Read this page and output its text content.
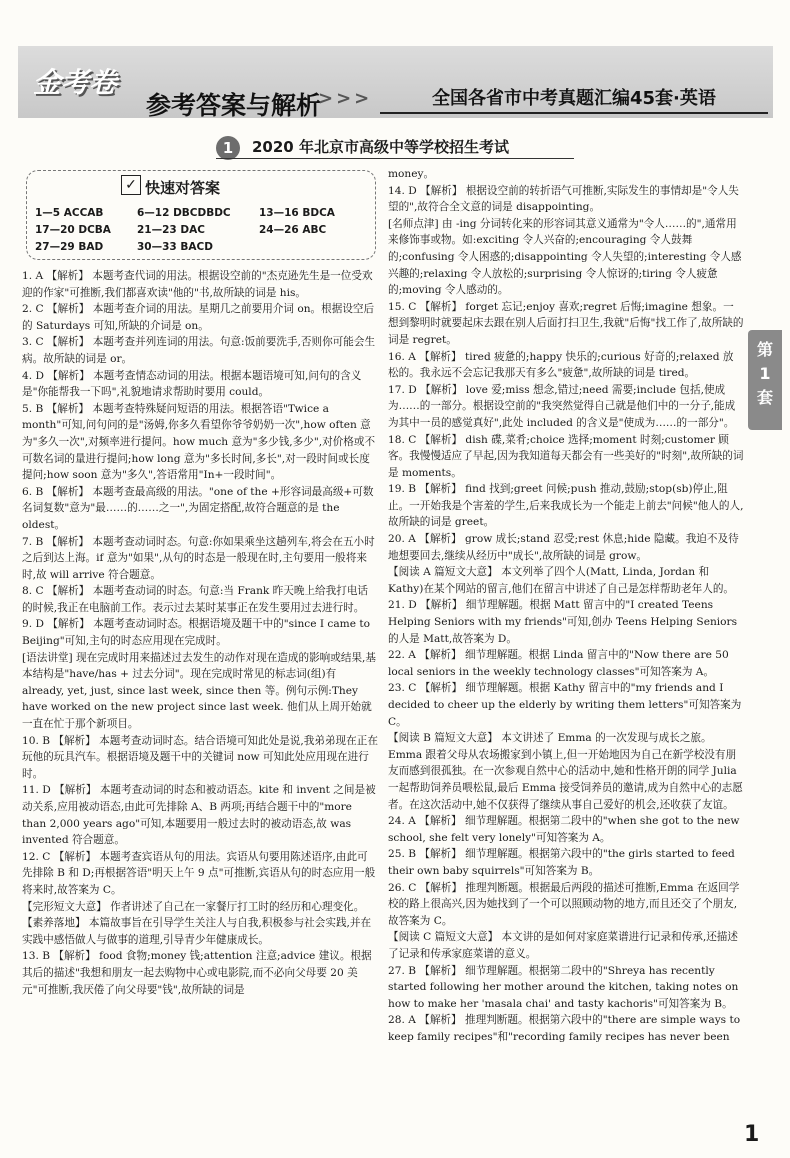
金考卷
参考答案与解析
>>>	全国各省市中考真题汇编45套·英语
1	2020 年北京市高级中等学校招生考试
✓ 快速对答案
1—5 ACCAB	6—12 DBCDBDC	13—16 BDCA
17—20 DCBA 21—23 DAC	24—26 ABC
27—29 BAD	30—33 BACD

1. A 【解析】 本题考查代词的用法。根据设空前的"杰克逊先生是一位受欢迎的作家"可推断,我们都喜欢读"他的"书,故所缺的词是 his。

2. C 【解析】 本题考查介词的用法。星期几之前要用介词 on。根据设空后的 Saturdays 可知,所缺的介词是 on。

3. C 【解析】 本题考查并列连词的用法。句意:饭前要洗手,否则你可能会生病。故所缺的词是 or。

4. D 【解析】 本题考查情态动词的用法。根据本题语境可知,问句的含义是"你能帮我一下吗",礼貌地请求帮助时要用 could。

5. B 【解析】 本题考查特殊疑问短语的用法。根据答语"Twice a month"可知,问句问的是"汤姆,你多久看望你爷爷奶奶一次",how often 意为"多久一次",对频率进行提问。how much 意为"多少钱,多少",对价格或不可数名词的量进行提问;how long 意为"多长时间,多长",对一段时间或长度提问;how soon 意为"多久",答语常用"In+一段时间"。

6. B 【解析】 本题考查最高级的用法。"one of the +形容词最高级+可数名词复数"意为"最……的……之一",为固定搭配,故符合题意的是 the oldest。

7. B 【解析】 本题考查动词时态。句意:你如果乘坐这趟列车,将会在五小时之后到达上海。if 意为"如果",从句的时态是一般现在时,主句要用一般将来时,故 will arrive 符合题意。

8. C 【解析】 本题考查动词的时态。句意:当 Frank 昨天晚上给我打电话的时候,我正在电脑前工作。表示过去某时某事正在发生要用过去进行时。

9. D 【解析】 本题考查动词时态。根据语境及题干中的"since I came to Beijing"可知,主句的时态应用现在完成时。

[语法讲堂] 现在完成时用来描述过去发生的动作对现在造成的影响或结果,基本结构是"have/has + 过去分词"。现在完成时常见的标志词(组)有 already, yet, just, since last week, since then 等。例句示例:They have worked on the new project since last week. 他们从上周开始就一直在忙于那个新项目。

10. B 【解析】 本题考查动词时态。结合语境可知此处是说,我弟弟现在正在玩他的玩具汽车。根据语境及题干中的关键词 now 可知此处应用现在进行时。

11. D 【解析】 本题考查动词的时态和被动语态。kite 和 invent 之间是被动关系,应用被动语态,由此可先排除 A、B 两项;再结合题干中的"more than 2,000 years ago"可知,本题要用一般过去时的被动语态,故 was invented 符合题意。

12. C 【解析】 本题考查宾语从句的用法。宾语从句要用陈述语序,由此可先排除 B 和 D;再根据答语"明天上午 9 点"可推断,宾语从句的时态应用一般将来时,故答案为 C。

【完形短文大意】 作者讲述了自己在一家餐厅打工时的经历和心理变化。

【素养落地】 本篇故事旨在引导学生关注人与自我,积极参与社会实践,并在实践中感悟做人与做事的道理,引导青少年健康成长。

13. B 【解析】 food 食物;money 钱;attention 注意;advice 建议。根据其后的描述"我想和朋友一起去购物中心或电影院,而不必向父母要 20 美元"可推断,我厌倦了向父母要"钱",故所缺的词是

money。

14. D 【解析】 根据设空前的转折语气可推断,实际发生的事情却是"令人失望的",故符合全文意的词是 disappointing。

[名师点津] 由 -ing 分词转化来的形容词其意义通常为"令人……的",通常用来修饰事或物。如:exciting 令人兴奋的;encouraging 令人鼓舞的;confusing 令人困惑的;disappointing 令人失望的;interesting 令人感兴趣的;relaxing 令人放松的;surprising 令人惊讶的;tiring 令人疲惫的;moving 令人感动的。

15. C 【解析】 forget 忘记;enjoy 喜欢;regret 后悔;imagine 想象。一想到黎明时就要起床去跟在别人后面打扫卫生,我就"后悔"找工作了,故所缺的词是 regret。

16. A 【解析】 tired 疲惫的;happy 快乐的;curious 好奇的;relaxed 放松的。我永远不会忘记我那天有多么"疲惫",故所缺的词是 tired。

17. D 【解析】 love 爱;miss 想念,错过;need 需要;include 包括,使成为……的一部分。根据设空前的"我突然觉得自己就是他们中的一分子,能成为其中一员的感觉真好",此处 included 的含义是"使成为……的一部分"。

18. C 【解析】 dish 碟,菜肴;choice 选择;moment 时刻;customer 顾客。我慢慢适应了早起,因为我知道每天都会有一些美好的"时刻",故所缺的词是 moments。

19. B 【解析】 find 找到;greet 问候;push 推动,鼓励;stop(sb)停止,阻止。一开始我是个害羞的学生,后来我成长为一个能走上前去"问候"他人的人,故所缺的词是 greet。

20. A 【解析】 grow 成长;stand 忍受;rest 休息;hide 隐藏。我迫不及待地想要回去,继续从经历中"成长",故所缺的词是 grow。

【阅读 A 篇短文大意】 本文列举了四个人(Matt, Linda, Jordan 和 Kathy)在某个网站的留言,他们在留言中讲述了自己是怎样帮助老年人的。

21. D 【解析】 细节理解题。根据 Matt 留言中的"I created Teens Helping Seniors with my friends"可知,创办 Teens Helping Seniors 的人是 Matt,故答案为 D。

22. A 【解析】 细节理解题。根据 Linda 留言中的"Now there are 50 local seniors in the weekly technology classes"可知答案为 A。

23. C 【解析】 细节理解题。根据 Kathy 留言中的"my friends and I decided to cheer up the elderly by writing them letters"可知答案为 C。

【阅读 B 篇短文大意】 本文讲述了 Emma 的一次发现与成长之旅。Emma 跟着父母从农场搬家到小镇上,但一开始地因为自己在新学校没有朋友而感到很孤独。在一次参观自然中心的活动中,她和性格开朗的同学 Julia 一起帮助饲养员喂松鼠,最后 Emma 接受饲养员的邀请,成为自然中心的志愿者。在这次活动中,她不仅获得了继续从事自己爱好的机会,还收获了友谊。

24. A 【解析】 细节理解题。根据第二段中的"when she got to the new school, she felt very lonely"可知答案为 A。

25. B 【解析】 细节理解题。根据第六段中的"the girls started to feed their own baby squirrels"可知答案为 B。

26. C 【解析】 推理判断题。根据最后两段的描述可推断,Emma 在返回学校的路上很高兴,因为她找到了一个可以照顾动物的地方,而且还交了个朋友,故答案为 C。

【阅读 C 篇短文大意】 本文讲的是如何对家庭菜谱进行记录和传承,还描述了记录和传承家庭菜谱的意义。

27. B 【解析】 细节理解题。根据第二段中的"Shreya has recently started following her mother around the kitchen, taking notes on how to make her 'masala chai' and tasty kachoris"可知答案为 B。

28. A 【解析】 推理判断题。根据第六段中的"there are simple ways to keep family recipes"和"recording family recipes has never been

第
1
套
1
